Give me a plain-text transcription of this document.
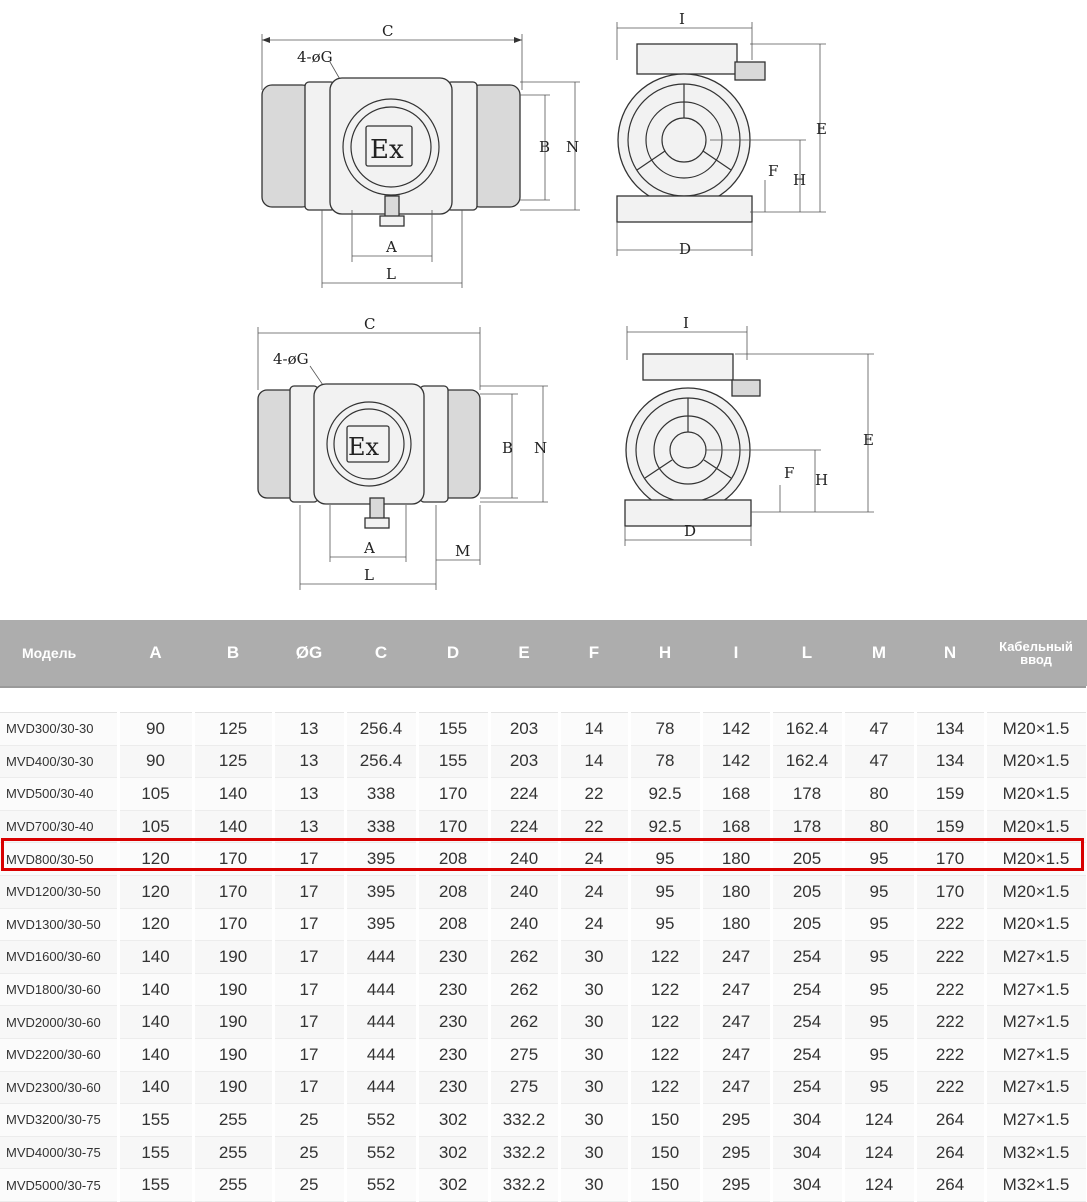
C
4-øG
Ex	B N
A
L
I
D
E
H
F
C
4-øG
Ex	B N
A
L
M
I
D
E
H
F
Модель	A	B	ØG	C	D	E	F	H	I	L	M	N	Кабельный
ввод

MVD300/30-30	90	125	13	256.4	155	203	14	78	142	162.4	47	134	M20×1.5
MVD400/30-30	90	125	13	256.4	155	203	14	78	142	162.4	47	134	M20×1.5
MVD500/30-40	105	140	13	338	170	224	22	92.5	168	178	80	159	M20×1.5
MVD700/30-40	105	140	13	338	170	224	22	92.5	168	178	80	159	M20×1.5
MVD800/30-50	120	170	17	395	208	240	24	95	180	205	95	170	M20×1.5
MVD1200/30-50	120	170	17	395	208	240	24	95	180	205	95	170	M20×1.5
MVD1300/30-50	120	170	17	395	208	240	24	95	180	205	95	222	M20×1.5
MVD1600/30-60	140	190	17	444	230	262	30	122	247	254	95	222	M27×1.5
MVD1800/30-60	140	190	17	444	230	262	30	122	247	254	95	222	M27×1.5
MVD2000/30-60	140	190	17	444	230	262	30	122	247	254	95	222	M27×1.5
MVD2200/30-60	140	190	17	444	230	275	30	122	247	254	95	222	M27×1.5
MVD2300/30-60	140	190	17	444	230	275	30	122	247	254	95	222	M27×1.5
MVD3200/30-75	155	255	25	552	302	332.2	30	150	295	304	124	264	M27×1.5
MVD4000/30-75	155	255	25	552	302	332.2	30	150	295	304	124	264	M32×1.5
MVD5000/30-75	155	255	25	552	302	332.2	30	150	295	304	124	264	M32×1.5
